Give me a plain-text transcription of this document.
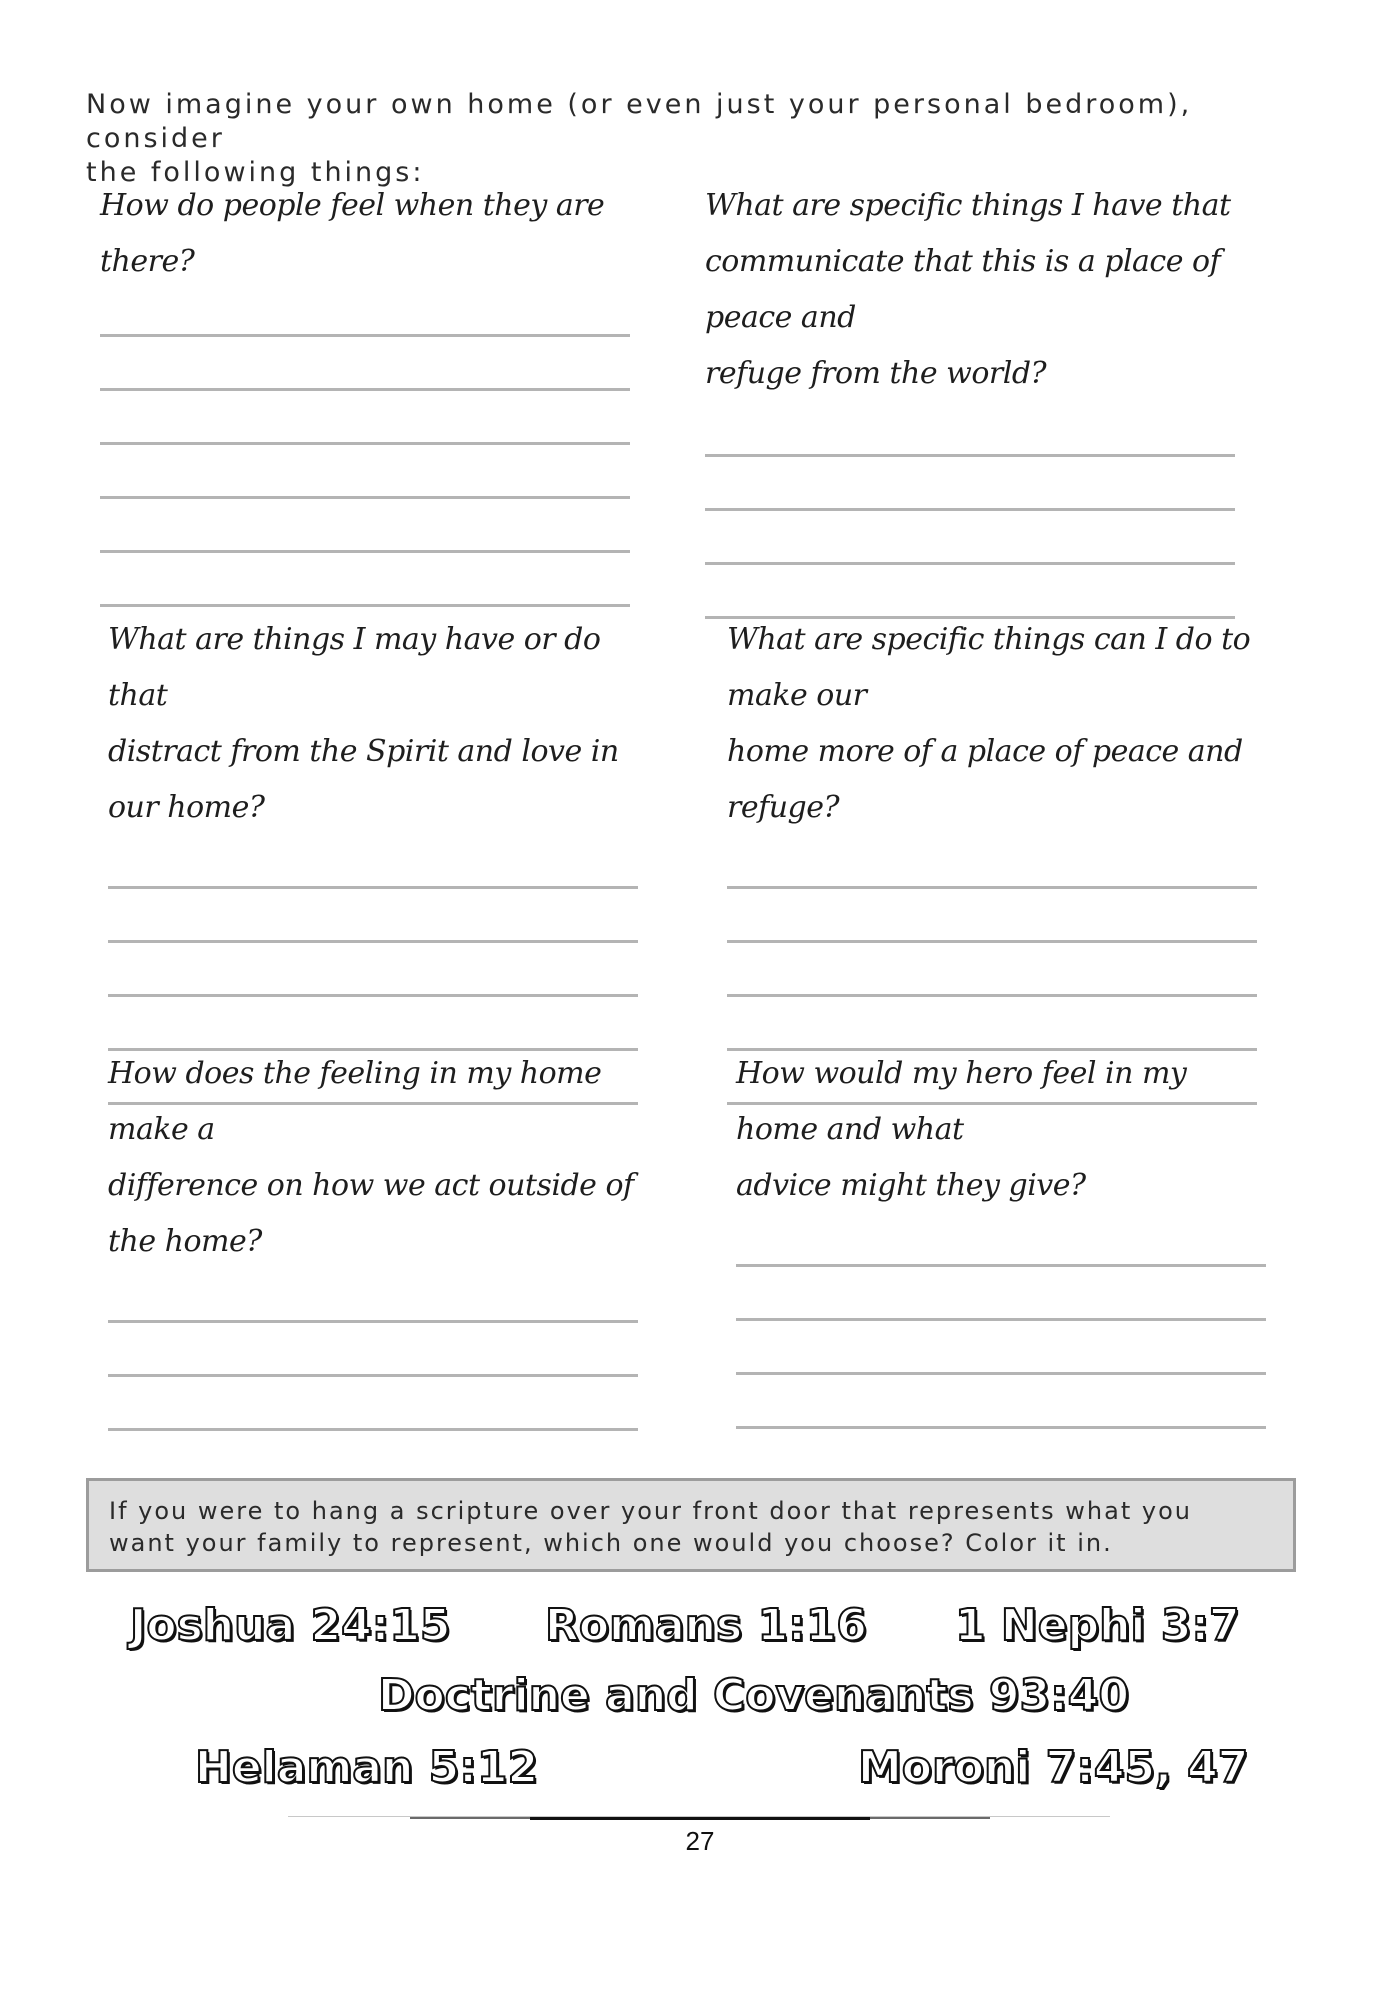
Now imagine your own home (or even just your personal bedroom), consider
the following things:
How do people feel when they are there?
What are specific things I have that
communicate that this is a place of peace and
refuge from the world?
What are things I may have or do that
distract from the Spirit and love in our home?
What are specific things can I do to make our
home more of a place of peace and refuge?
How does the feeling in my home make a
difference on how we act outside of the home?
How would my hero feel in my home and what
advice might they give?
If you were to hang a scripture over your front door that represents what you
want your family to represent, which one would you choose? Color it in.
Joshua 24:15 Romans 1:16 1 Nephi 3:7
Doctrine and Covenants 93:40
Helaman 5:12	Moroni 7:45, 47
27
